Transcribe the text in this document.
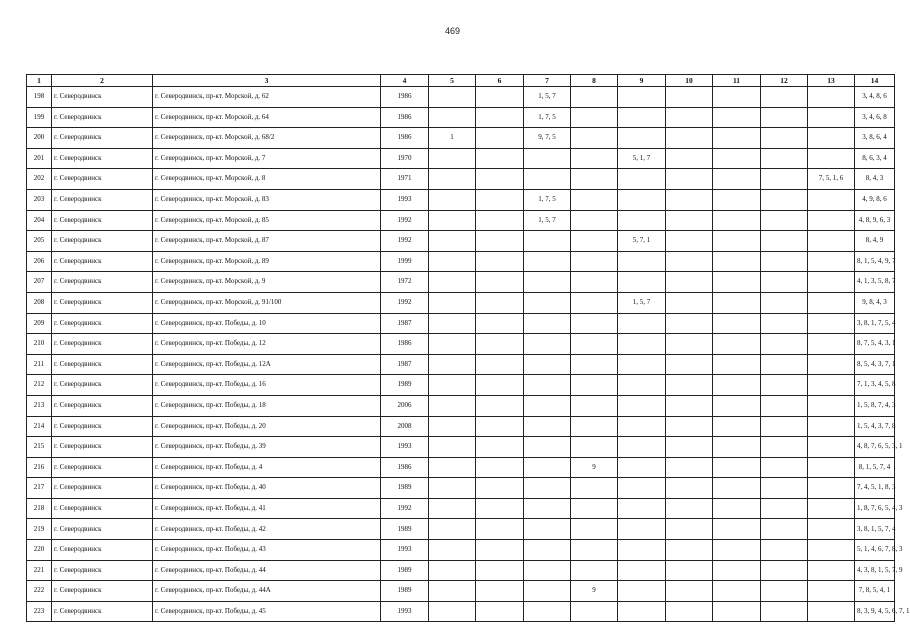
469
1	2	3	4	5	6	7	8	9	10	11	12	13	14
198	г. Северодвинск	г. Северодвинск, пр-кт. Морской, д. 62	1986			1, 5, 7							3, 4, 8, 6
199	г. Северодвинск	г. Северодвинск, пр-кт. Морской, д. 64	1986			1, 7, 5							3, 4, 6, 8
200	г. Северодвинск	г. Северодвинск, пр-кт. Морской, д. 68/2	1986	1		9, 7, 5							3, 8, 6, 4
201	г. Северодвинск	г. Северодвинск, пр-кт. Морской, д. 7	1970					5, 1, 7					8, 6, 3, 4
202	г. Северодвинск	г. Северодвинск, пр-кт. Морской, д. 8	1971									7, 5, 1, 6	8, 4, 3
203	г. Северодвинск	г. Северодвинск, пр-кт. Морской, д. 83	1993			1, 7, 5							4, 9, 8, 6
204	г. Северодвинск	г. Северодвинск, пр-кт. Морской, д. 85	1992			1, 5, 7							4, 8, 9, 6, 3
205	г. Северодвинск	г. Северодвинск, пр-кт. Морской, д. 87	1992					5, 7, 1					8, 4, 9
206	г. Северодвинск	г. Северодвинск, пр-кт. Морской, д. 89	1999										8, 1, 5, 4, 9, 7
207	г. Северодвинск	г. Северодвинск, пр-кт. Морской, д. 9	1972										4, 1, 3, 5, 8, 7
208	г. Северодвинск	г. Северодвинск, пр-кт. Морской, д. 91/100	1992					1, 5, 7					9, 8, 4, 3
209	г. Северодвинск	г. Северодвинск, пр-кт. Победы, д. 10	1987										3, 8, 1, 7, 5, 4
210	г. Северодвинск	г. Северодвинск, пр-кт. Победы, д. 12	1986										8, 7, 5, 4, 3, 1
211	г. Северодвинск	г. Северодвинск, пр-кт. Победы, д. 12А	1987										8, 5, 4, 3, 7, 1
212	г. Северодвинск	г. Северодвинск, пр-кт. Победы, д. 16	1989										7, 1, 3, 4, 5, 8
213	г. Северодвинск	г. Северодвинск, пр-кт. Победы, д. 18	2006										1, 5, 8, 7, 4, 3
214	г. Северодвинск	г. Северодвинск, пр-кт. Победы, д. 20	2008										1, 5, 4, 3, 7, 8
215	г. Северодвинск	г. Северодвинск, пр-кт. Победы, д. 39	1993										4, 8, 7, 6, 5, 3, 1
216	г. Северодвинск	г. Северодвинск, пр-кт. Победы, д. 4	1986				9						8, 1, 5, 7, 4
217	г. Северодвинск	г. Северодвинск, пр-кт. Победы, д. 40	1989										7, 4, 5, 1, 8, 3
218	г. Северодвинск	г. Северодвинск, пр-кт. Победы, д. 41	1992										1, 8, 7, 6, 5, 4, 3
219	г. Северодвинск	г. Северодвинск, пр-кт. Победы, д. 42	1989										3, 8, 1, 5, 7, 4
220	г. Северодвинск	г. Северодвинск, пр-кт. Победы, д. 43	1993										5, 1, 4, 6, 7, 8, 3
221	г. Северодвинск	г. Северодвинск, пр-кт. Победы, д. 44	1989										4, 3, 8, 1, 5, 7, 9
222	г. Северодвинск	г. Северодвинск, пр-кт. Победы, д. 44А	1989				9						7, 8, 5, 4, 1
223	г. Северодвинск	г. Северодвинск, пр-кт. Победы, д. 45	1993										8, 3, 9, 4, 5, 6, 7, 1
